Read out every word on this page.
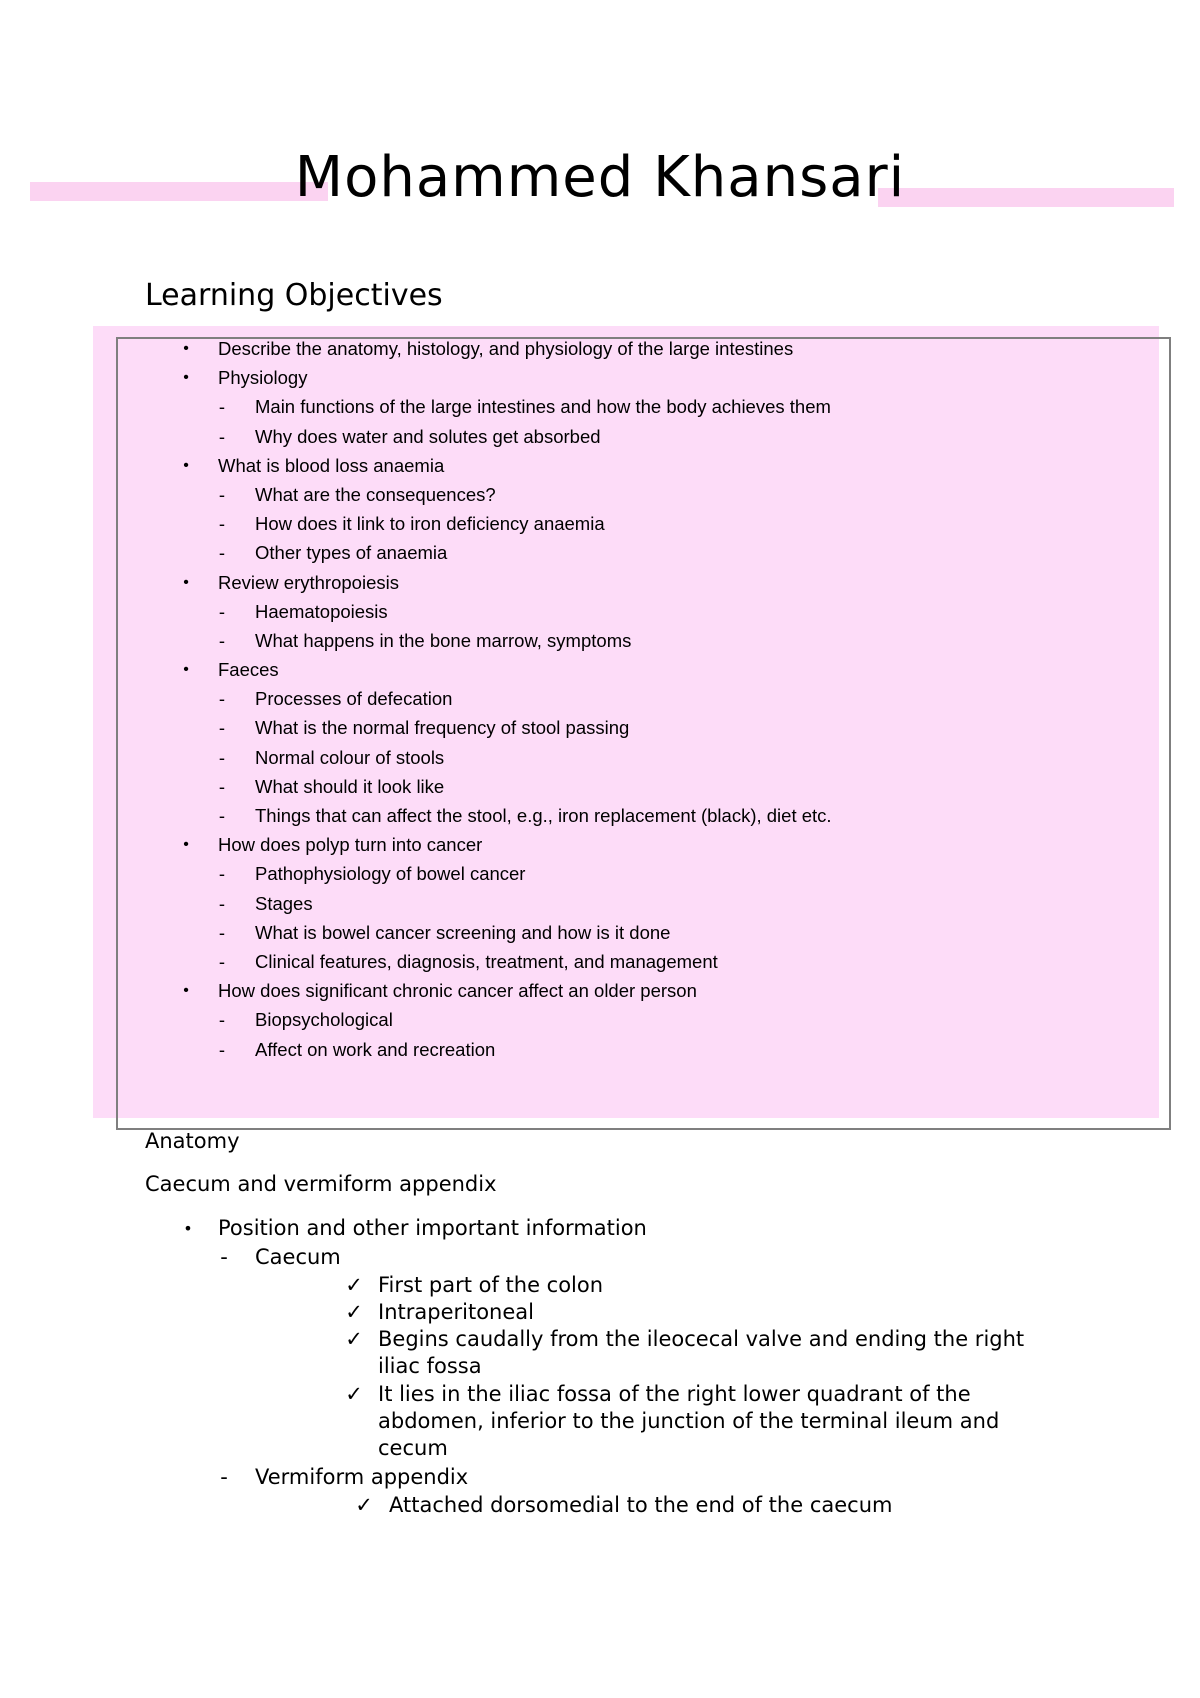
Mohammed Khansari
Learning Objectives
•	Describe the anatomy, histology, and physiology of the large intestines
•	Physiology
-	Main functions of the large intestines and how the body achieves them
-	Why does water and solutes get absorbed
•	What is blood loss anaemia
-	What are the consequences?
-	How does it link to iron deficiency anaemia
-	Other types of anaemia
•	Review erythropoiesis
-	Haematopoiesis
-	What happens in the bone marrow, symptoms
•	Faeces
-	Processes of defecation
-	What is the normal frequency of stool passing
-	Normal colour of stools
-	What should it look like
-	Things that can affect the stool, e.g., iron replacement (black), diet etc.
•	How does polyp turn into cancer
-	Pathophysiology of bowel cancer
-	Stages
-	What is bowel cancer screening and how is it done
-	Clinical features, diagnosis, treatment, and management
•	How does significant chronic cancer affect an older person
-	Biopsychological
-	Affect on work and recreation
Anatomy
Caecum and vermiform appendix
•	Position and other important information
-	Caecum
✓ First part of the colon
✓ Intraperitoneal
✓ Begins caudally from the ileocecal valve and ending the right iliac fossa
✓ It lies in the iliac fossa of the right lower quadrant of the abdomen, inferior to the junction of the terminal ileum and cecum
-	Vermiform appendix
✓ Attached dorsomedial to the end of the caecum
